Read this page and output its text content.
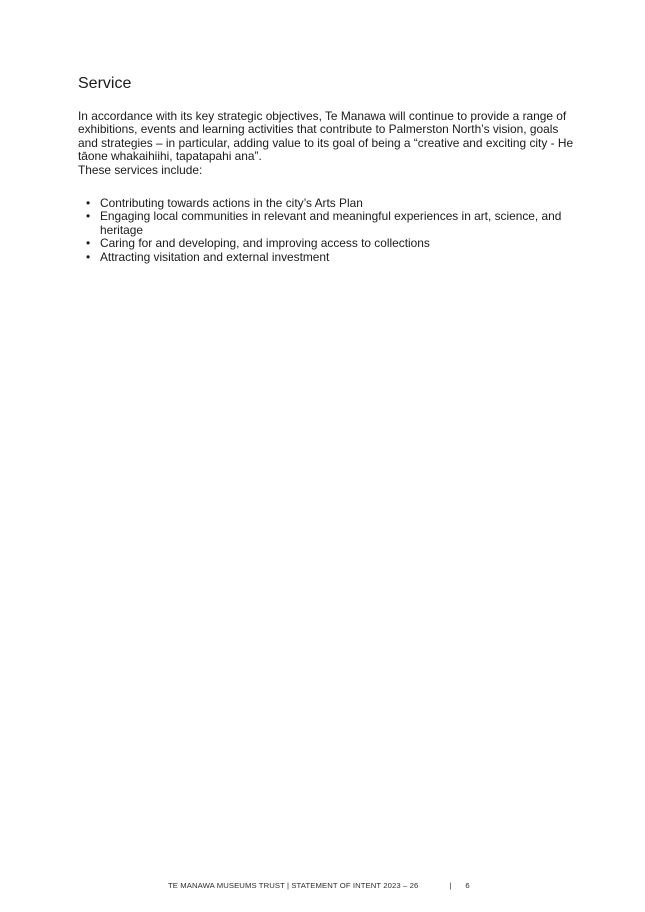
Service

In accordance with its key strategic objectives, Te Manawa will continue to provide a range of exhibitions, events and learning activities that contribute to Palmerston North’s vision, goals and strategies – in particular, adding value to its goal of being a “creative and exciting city - He tāone whakaihiihi, tapatapahi ana”.

These services include:

• Contributing towards actions in the city’s Arts Plan
• Engaging local communities in relevant and meaningful experiences in art, science, and heritage
• Caring for and developing, and improving access to collections
• Attracting visitation and external investment
TE MANAWA MUSEUMS TRUST | STATEMENT OF INTENT 2023 – 26	| 6
